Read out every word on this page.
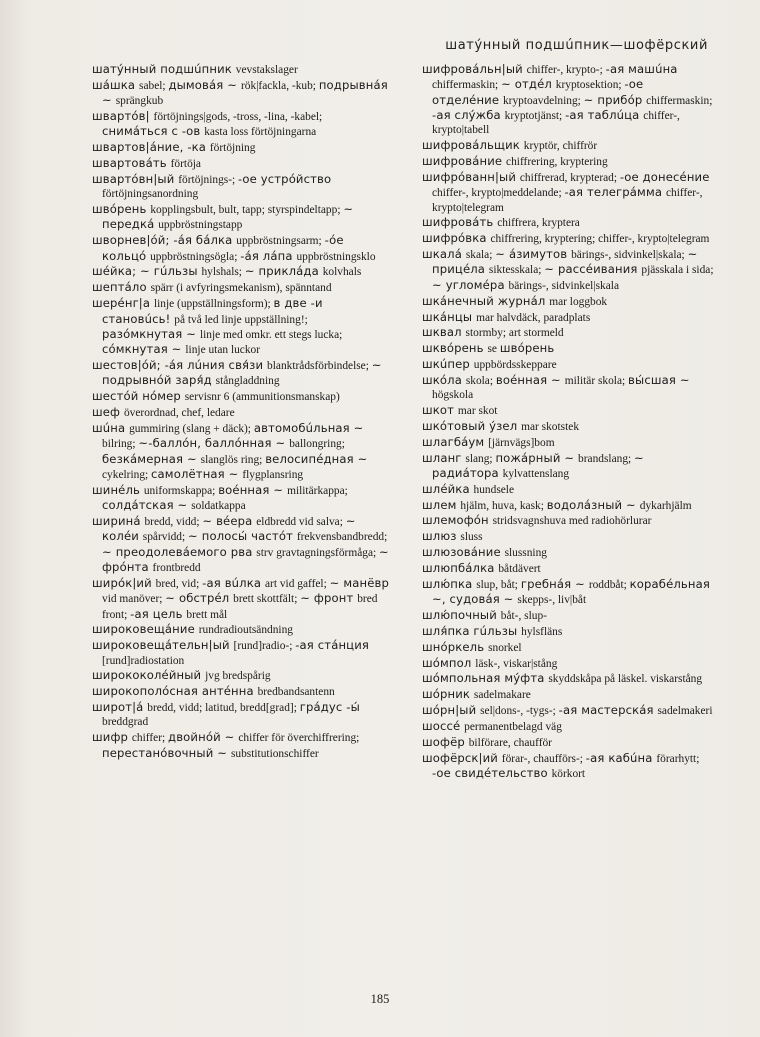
шатýнный подшúпник—шофëрский
шатýнный подшúпник vevstakslager
шáшка sabel; дымовáя ~ rök|fackla, -kub; подрывнáя ~ sprängkub
швартóв| förtöjnings|gods, -tross, -lina, -kabel; снимáться с -ов kasta loss förtöjningarna
швартов|áние, -ка förtöjning
швартовáть förtöja
швартóвн|ый förtöjnings-; -ое устрóйство förtöjningsanordning
швóрень kopplingsbult, bult, tapp; styrspindeltapp; ~ передкá uppbröstningstapp
шворнев|óй; -áя бáлка uppbröstningsarm; -óе кольцó uppbröstningsögla; -áя лáпа uppbröstningsklo
шéйка; ~ гúльзы hylshals; ~ приклáда kolvhals
шептáло spärr (i avfyringsmekanism), spänntand
шерéнг|а linje (uppställningsform); в две -и становúсь! på två led linje uppställning!; разóмкнутая ~ linje med omkr. ett stegs lucka; сóмкнутая ~ linje utan luckor
шестов|óй; -áя лúния свя́зи blanktrådsförbindelse; ~ подрывнóй заря́д stångladdning
шестóй нóмер servisnr 6 (ammunitionsmanskap)
шеф överordnad, chef, ledare
шúна gummiring (slang + däck); автомобúльная ~ bilring; ~-баллóн, баллóнная ~ ballongring; безкáмерная ~ slanglös ring; велосипéдная ~ cykelring; самолётная ~ flygplansring
шинéль uniformskappa; воéнная ~ militärkappa; солдáтская ~ soldatkappa
ширинá bredd, vidd; ~ вéера eldbredd vid salva; ~ колéи spårvidd; ~ полосы́ частóт frekvensbandbredd; ~ преодолевáемого рва strv gravtagningsförmåga; ~ фрóнта frontbredd
ширóк|ий bred, vid; -ая вúлка art vid gaffel; ~ манёвр vid manöver; ~ обстрéл brett skottfält; ~ фронт bred front; -ая цель brett mål
широковещáние rundradioutsändning
широковещáтельн|ый [rund]radio-; -ая стáнция [rund]radiostation
ширококолéйный jvg bredspårig
широкополóсная антéнна bredbandsantenn
широт|á bredd, vidd; latitud, bredd[grad]; грáдус -ы́ breddgrad
шифр chiffer; двойнóй ~ chiffer för överchiffrering; перестанóвочный ~ substitutionschiffer
шифровáльн|ый chiffer-, krypto-; -ая машúна chiffermaskin; ~ отдéл kryptosektion; -ое отделéние kryptoavdelning; ~ прибóр chiffermaskin; -ая слýжба kryptotjänst; -ая таблúца chiffer-, krypto|tabell
шифровáльщик kryptör, chiffrör
шифровáние chiffrering, kryptering
шифрóванн|ый chiffrerad, krypterad; -ое донесéние chiffer-, krypto|meddelande; -ая телегрáмма chiffer-, krypto|telegram
шифровáть chiffrera, kryptera
шифрóвка chiffrering, kryptering; chiffer-, krypto|telegram
шкалá skala; ~ áзимутов bärings-, sidvinkel|skala; ~ прицéла siktesskala; ~ рассéивания pjässkala i sida; ~ угломéра bärings-, sidvinkel|skala
шкáнечный журнáл mar loggbok
шкáнцы mar halvdäck, paradplats
шквал stormby; art stormeld
шквóрень se швóрень
шкúпер uppbördsskeppare
шкóла skola; воéнная ~ militär skola; вы́сшая ~ högskola
шкот mar skot
шкóтовый ýзел mar skotstek
шлагбáум [järnvägs]bom
шланг slang; пожáрный ~ brandslang; ~ радиáтора kylvattenslang
шлéйка hundsele
шлем hjälm, huva, kask; водолáзный ~ dykarhjälm
шлемофóн stridsvagnshuva med radiohörlurar
шлюз sluss
шлюзовáние slussning
шлюпбáлка båtdävert
шлю́пка slup, båt; гребнáя ~ roddbåt; корабéльная ~, судовáя ~ skepps-, liv|båt
шлю́почный båt-, slup-
шля́пка гúльзы hylsfläns
шнóркель snorkel
шóмпол läsk-, viskar|stång
шóмпольная мýфта skyddskåpa på läskel. viskarstång
шóрник sadelmakare
шóрн|ый sel|dons-, -tygs-; -ая мастерскáя sadelmakeri
шоссé permanentbelagd väg
шофёр bilförare, chaufför
шофёрск|ий förar-, chaufförs-; -ая кабúна förarhytt; -ое свидéтельство körkort
185
